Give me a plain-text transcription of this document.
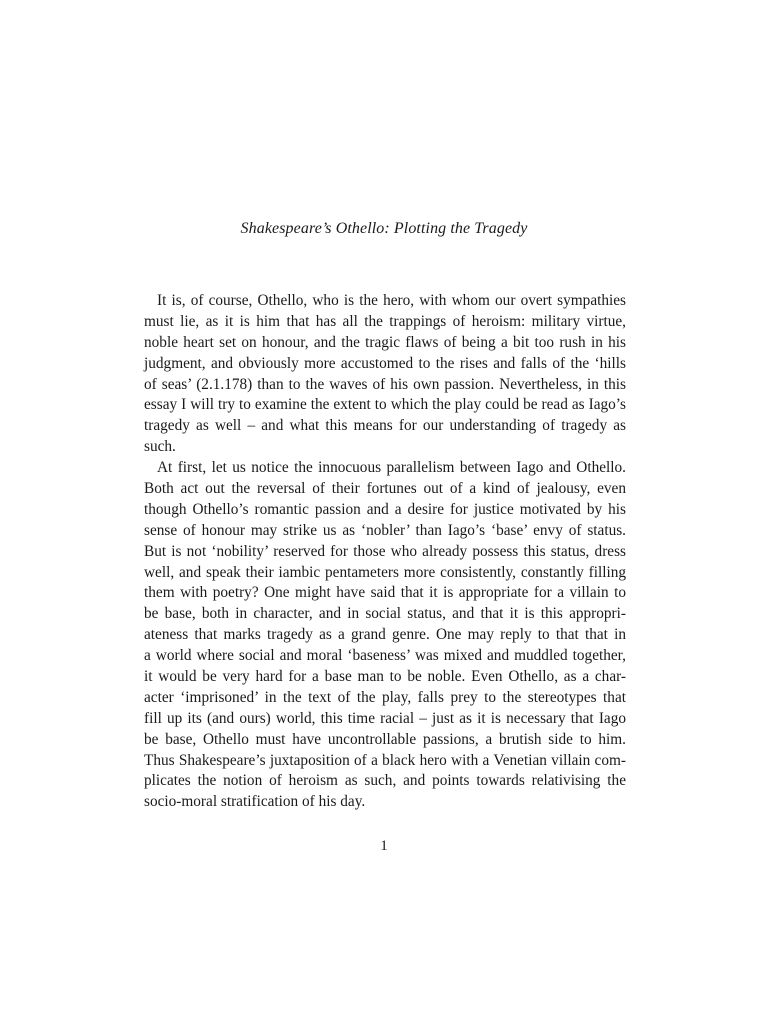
Shakespeare’s Othello: Plotting the Tragedy
It is, of course, Othello, who is the hero, with whom our overt sympathies
must lie, as it is him that has all the trappings of heroism: military virtue,
noble heart set on honour, and the tragic flaws of being a bit too rush in his
judgment, and obviously more accustomed to the rises and falls of the ‘hills
of seas’ (2.1.178) than to the waves of his own passion. Nevertheless, in this
essay I will try to examine the extent to which the play could be read as Iago’s
tragedy as well – and what this means for our understanding of tragedy as
such.
At first, let us notice the innocuous parallelism between Iago and Othello.
Both act out the reversal of their fortunes out of a kind of jealousy, even
though Othello’s romantic passion and a desire for justice motivated by his
sense of honour may strike us as ‘nobler’ than Iago’s ‘base’ envy of status.
But is not ‘nobility’ reserved for those who already possess this status, dress
well, and speak their iambic pentameters more consistently, constantly filling
them with poetry? One might have said that it is appropriate for a villain to
be base, both in character, and in social status, and that it is this appropri-
ateness that marks tragedy as a grand genre. One may reply to that that in
a world where social and moral ‘baseness’ was mixed and muddled together,
it would be very hard for a base man to be noble. Even Othello, as a char-
acter ‘imprisoned’ in the text of the play, falls prey to the stereotypes that
fill up its (and ours) world, this time racial – just as it is necessary that Iago
be base, Othello must have uncontrollable passions, a brutish side to him.
Thus Shakespeare’s juxtaposition of a black hero with a Venetian villain com-
plicates the notion of heroism as such, and points towards relativising the
socio-moral stratification of his day.
1
